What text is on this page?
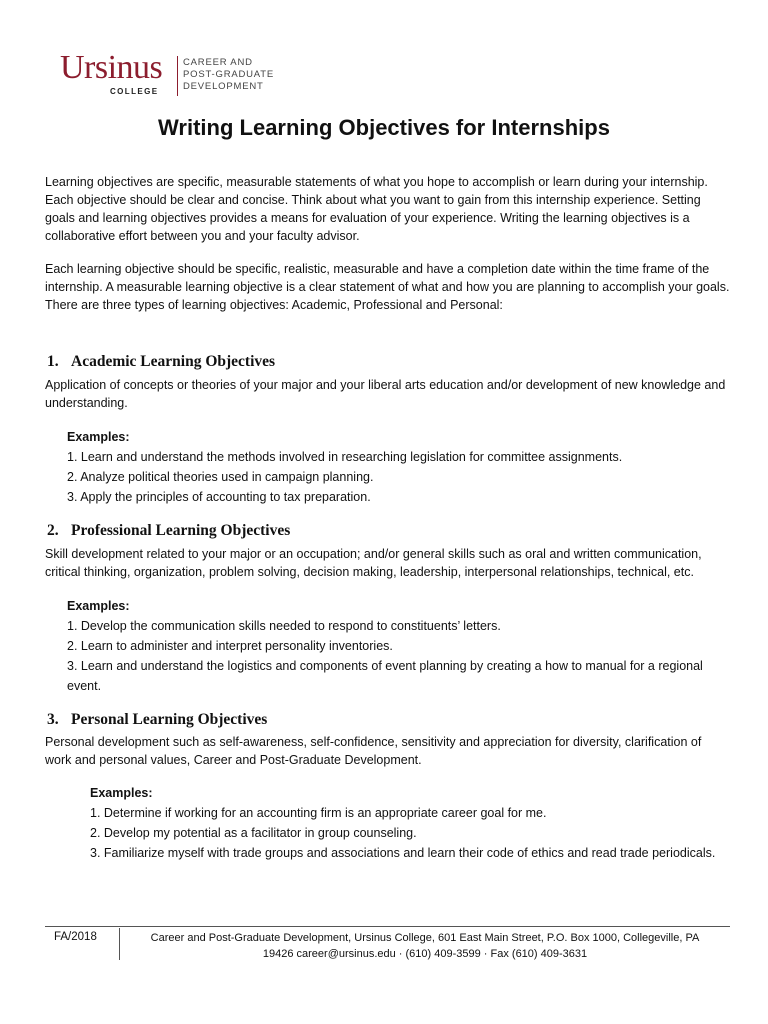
Ursinus
COLLEGE
CAREER AND
POST-GRADUATE
DEVELOPMENT
Writing Learning Objectives for Internships
Learning objectives are specific, measurable statements of what you hope to accomplish or learn during your internship. Each objective should be clear and concise. Think about what you want to gain from this internship experience. Setting goals and learning objectives provides a means for evaluation of your experience. Writing the learning objectives is a collaborative effort between you and your faculty advisor.
Each learning objective should be specific, realistic, measurable and have a completion date within the time frame of the internship. A measurable learning objective is a clear statement of what and how you are planning to accomplish your goals. There are three types of learning objectives: Academic, Professional and Personal:
1. Academic Learning Objectives
Application of concepts or theories of your major and your liberal arts education and/or development of new knowledge and understanding.
Examples:
1. Learn and understand the methods involved in researching legislation for committee assignments.
2. Analyze political theories used in campaign planning.
3. Apply the principles of accounting to tax preparation.
2. Professional Learning Objectives
Skill development related to your major or an occupation; and/or general skills such as oral and written communication, critical thinking, organization, problem solving, decision making, leadership, interpersonal relationships, technical, etc.
Examples:
1. Develop the communication skills needed to respond to constituents’ letters.
2. Learn to administer and interpret personality inventories.
3. Learn and understand the logistics and components of event planning by creating a how to manual for a regional event.
3. Personal Learning Objectives
Personal development such as self-awareness, self-confidence, sensitivity and appreciation for diversity, clarification of work and personal values, Career and Post-Graduate Development.
Examples:
1. Determine if working for an accounting firm is an appropriate career goal for me.
2. Develop my potential as a facilitator in group counseling.
3. Familiarize myself with trade groups and associations and learn their code of ethics and read trade periodicals.
FA/2018	Career and Post-Graduate Development, Ursinus College, 601 East Main Street, P.O. Box 1000, Collegeville, PA
19426 career@ursinus.edu · (610) 409-3599 · Fax (610) 409-3631
